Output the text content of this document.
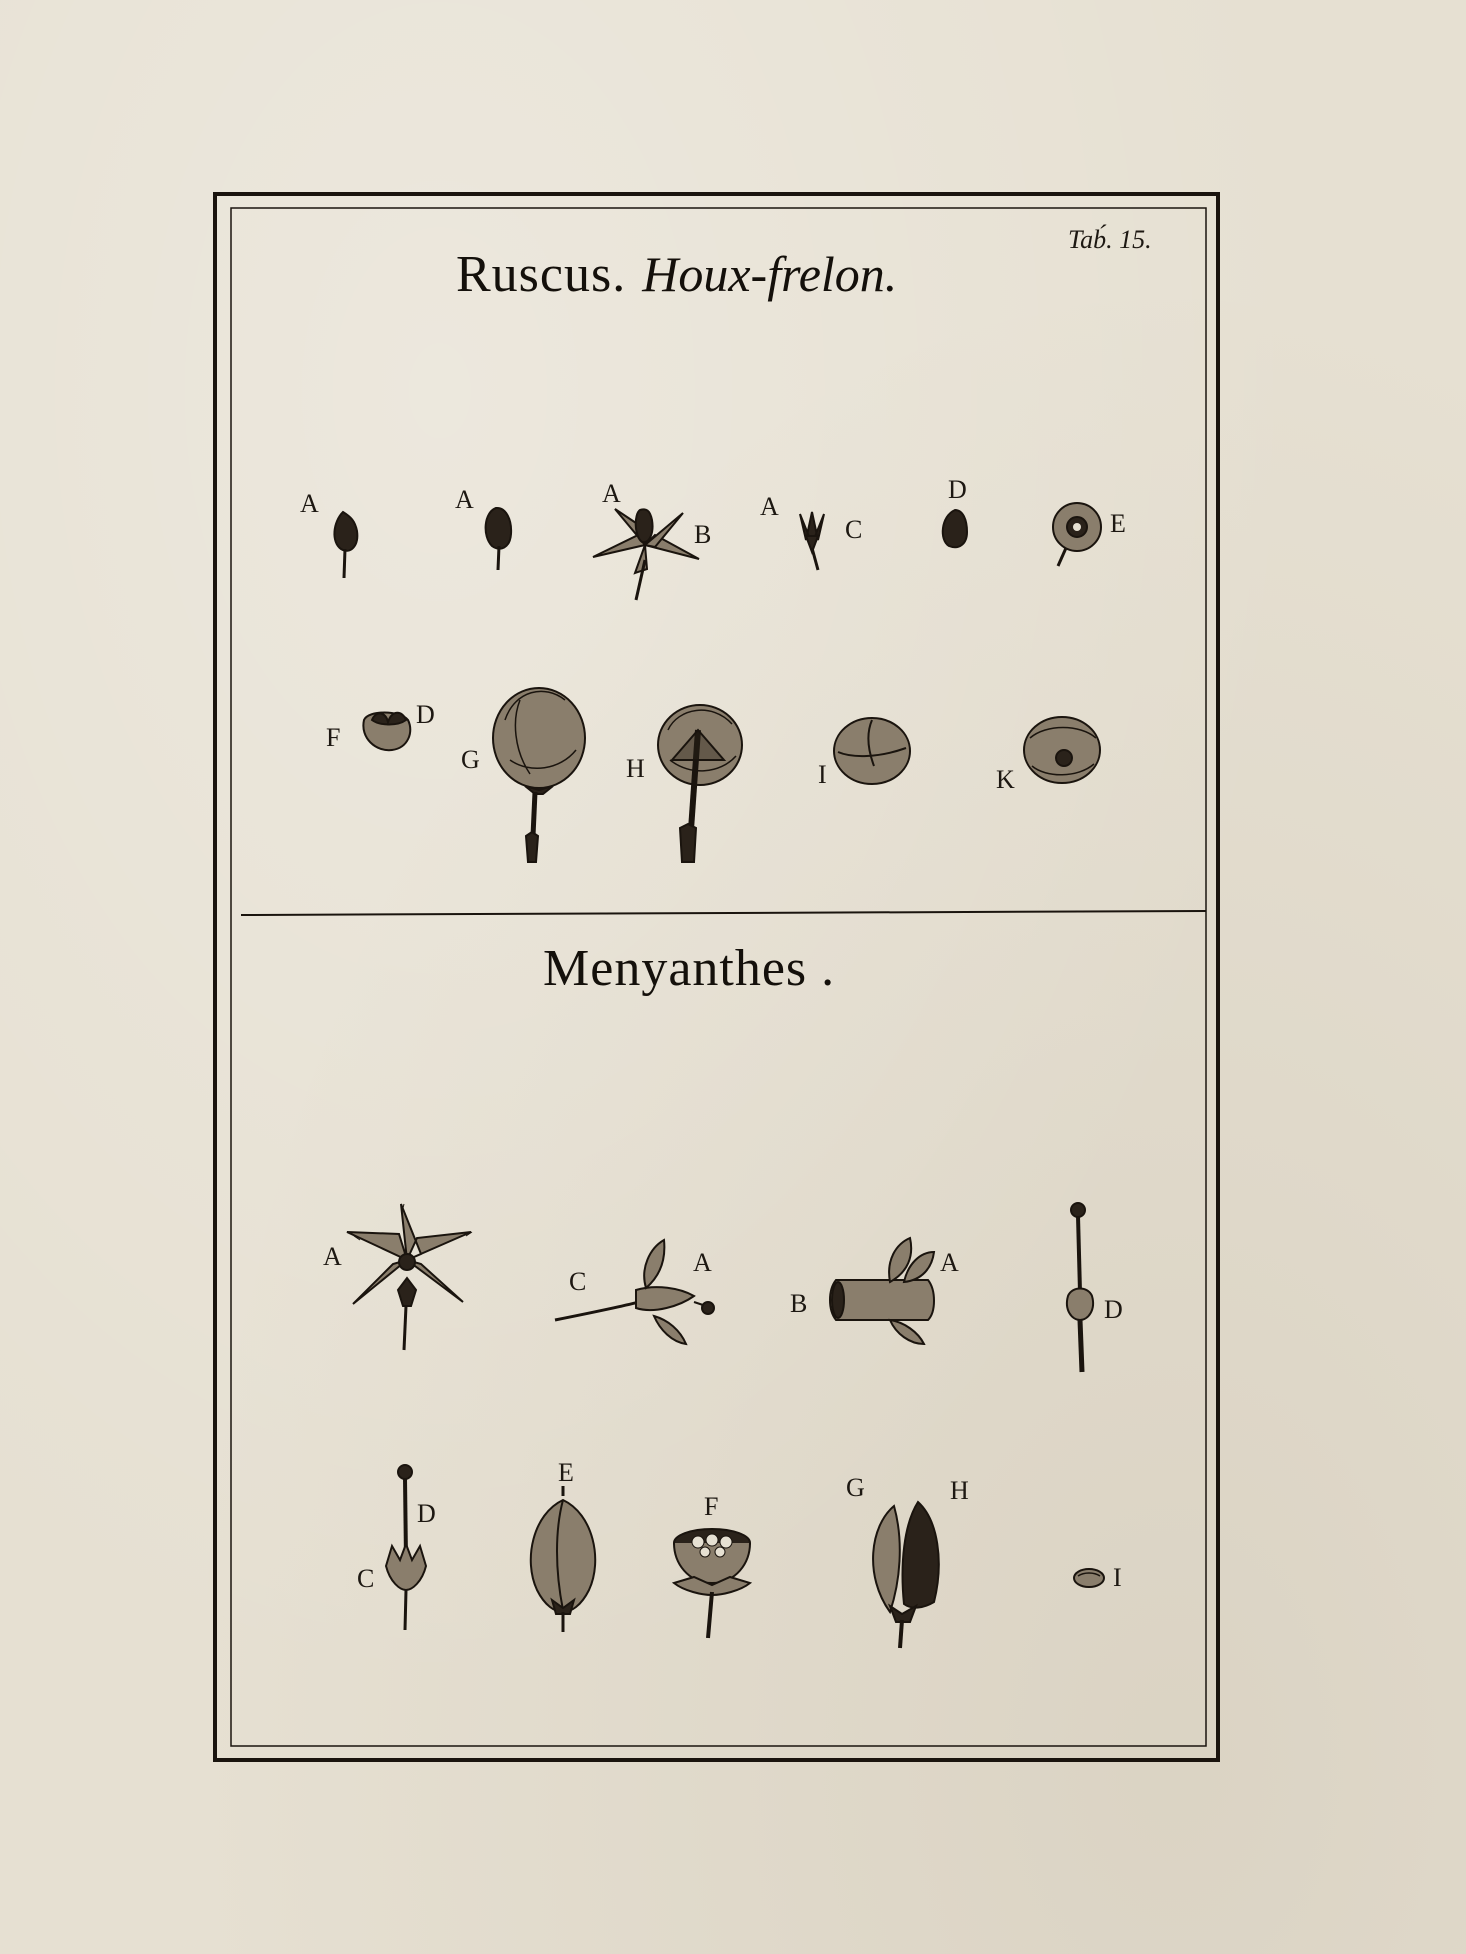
Tab́. 15.
Ruscus. Houx-frelon.
A	A	A
B
A
C
D
E
F
D
G	H	I	K
Menyanthes .
A
C
A
B
A
D
D
C
E
F
G	H
I
